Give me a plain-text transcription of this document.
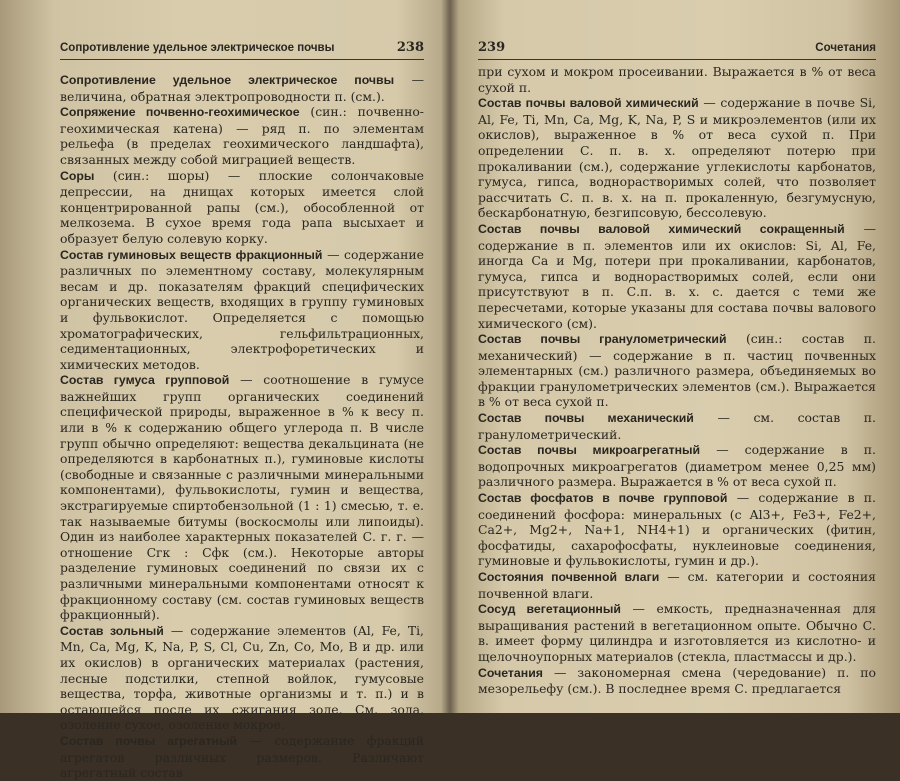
Сопротивление удельное электрическое почвы	238

Сопротивление удельное электрическое почвы — величина, обратная электропроводности п. (см.).

Сопряжение почвенно-геохимическое (син.: почвенно-геохимическая катена) — ряд п. по элементам рельефа (в пределах геохимического ландшафта), связанных между собой миграцией веществ.

Соры (син.: шоры) — плоские солончаковые депрессии, на днищах которых имеется слой концентрированной рапы (см.), обособленной от мелкозема. В сухое время года рапа высыхает и образует белую солевую корку.

Состав гуминовых веществ фракционный — содержание различных по элементному составу, молекулярным весам и др. показателям фракций специфических органических веществ, входящих в группу гуминовых и фульвокислот. Определяется с помощью хроматографических, гельфильтрационных, седиментационных, электрофоретических и химических методов.

Состав гумуса групповой — соотношение в гумусе важнейших групп органических соединений специфической природы, выраженное в % к весу п. или в % к содержанию общего углерода п. В числе групп обычно определяют: вещества декальцината (не определяются в карбонатных п.), гуминовые кислоты (свободные и связанные с различными минеральными компонентами), фульвокислоты, гумин и вещества, экстрагируемые спиртобензольной (1 : 1) смесью, т. е. так называемые битумы (воскосмолы или липоиды). Один из наиболее характерных показателей С. г. г. — отношение Cгк : Cфк (см.). Некоторые авторы разделение гуминовых соединений по связи их с различными минеральными компонентами относят к фракционному составу (см. состав гуминовых веществ фракционный).

Состав зольный — содержание элементов (Al, Fe, Ti, Mn, Ca, Mg, K, Na, P, S, Cl, Cu, Zn, Co, Mo, B и др. или их окислов) в органических материалах (растения, лесные подстилки, степной войлок, гумусовые вещества, торфа, животные организмы и т. п.) и в остающейся после их сжигания золе. См. зола, озоление сухое, озоление мокрое.

Состав почвы агрегатный — содержание фракций агрегатов различных размеров. Различают агрегатный состав

239	Сочетания

при сухом и мокром просеивании. Выражается в % от веса сухой п.

Состав почвы валовой химический — содержание в почве Si, Al, Fe, Ti, Mn, Ca, Mg, K, Na, P, S и микроэлементов (или их окислов), выраженное в % от веса сухой п. При определении С. п. в. х. определяют потерю при прокаливании (см.), содержание углекислоты карбонатов, гумуса, гипса, воднорастворимых солей, что позволяет рассчитать С. п. в. х. на п. прокаленную, безгумусную, бескарбонатную, безгипсовую, бессолевую.

Состав почвы валовой химический сокращенный — содержание в п. элементов или их окислов: Si, Al, Fe, иногда Ca и Mg, потери при прокаливании, карбонатов, гумуса, гипса и воднорастворимых солей, если они присутствуют в п. С.п. в. х. с. дается с теми же пересчетами, которые указаны для состава почвы валового химического (см).

Состав почвы гранулометрический (син.: состав п. механический) — содержание в п. частиц почвенных элементарных (см.) различного размера, объединяемых во фракции гранулометрических элементов (см.). Выражается в % от веса сухой п.

Состав почвы механический — см. состав п. гранулометрический.

Состав почвы микроагрегатный — содержание в п. водопрочных микроагрегатов (диаметром менее 0,25 мм) различного размера. Выражается в % от веса сухой п.

Состав фосфатов в почве групповой — содержание в п. соединений фосфора: минеральных (с Al3+, Fe3+, Fe2+, Ca2+, Mg2+, Na+1, NH4+1) и органических (фитин, фосфатиды, сахарофосфаты, нуклеиновые соединения, гуминовые и фульвокислоты, гумин и др.).

Состояния почвенной влаги — см. категории и состояния почвенной влаги.

Сосуд вегетационный — емкость, предназначенная для выращивания растений в вегетационном опыте. Обычно С. в. имеет форму цилиндра и изготовляется из кислотно- и щелочноупорных материалов (стекла, пластмассы и др.).

Сочетания — закономерная смена (чередование) п. по мезорельефу (см.). В последнее время С. предлагается
